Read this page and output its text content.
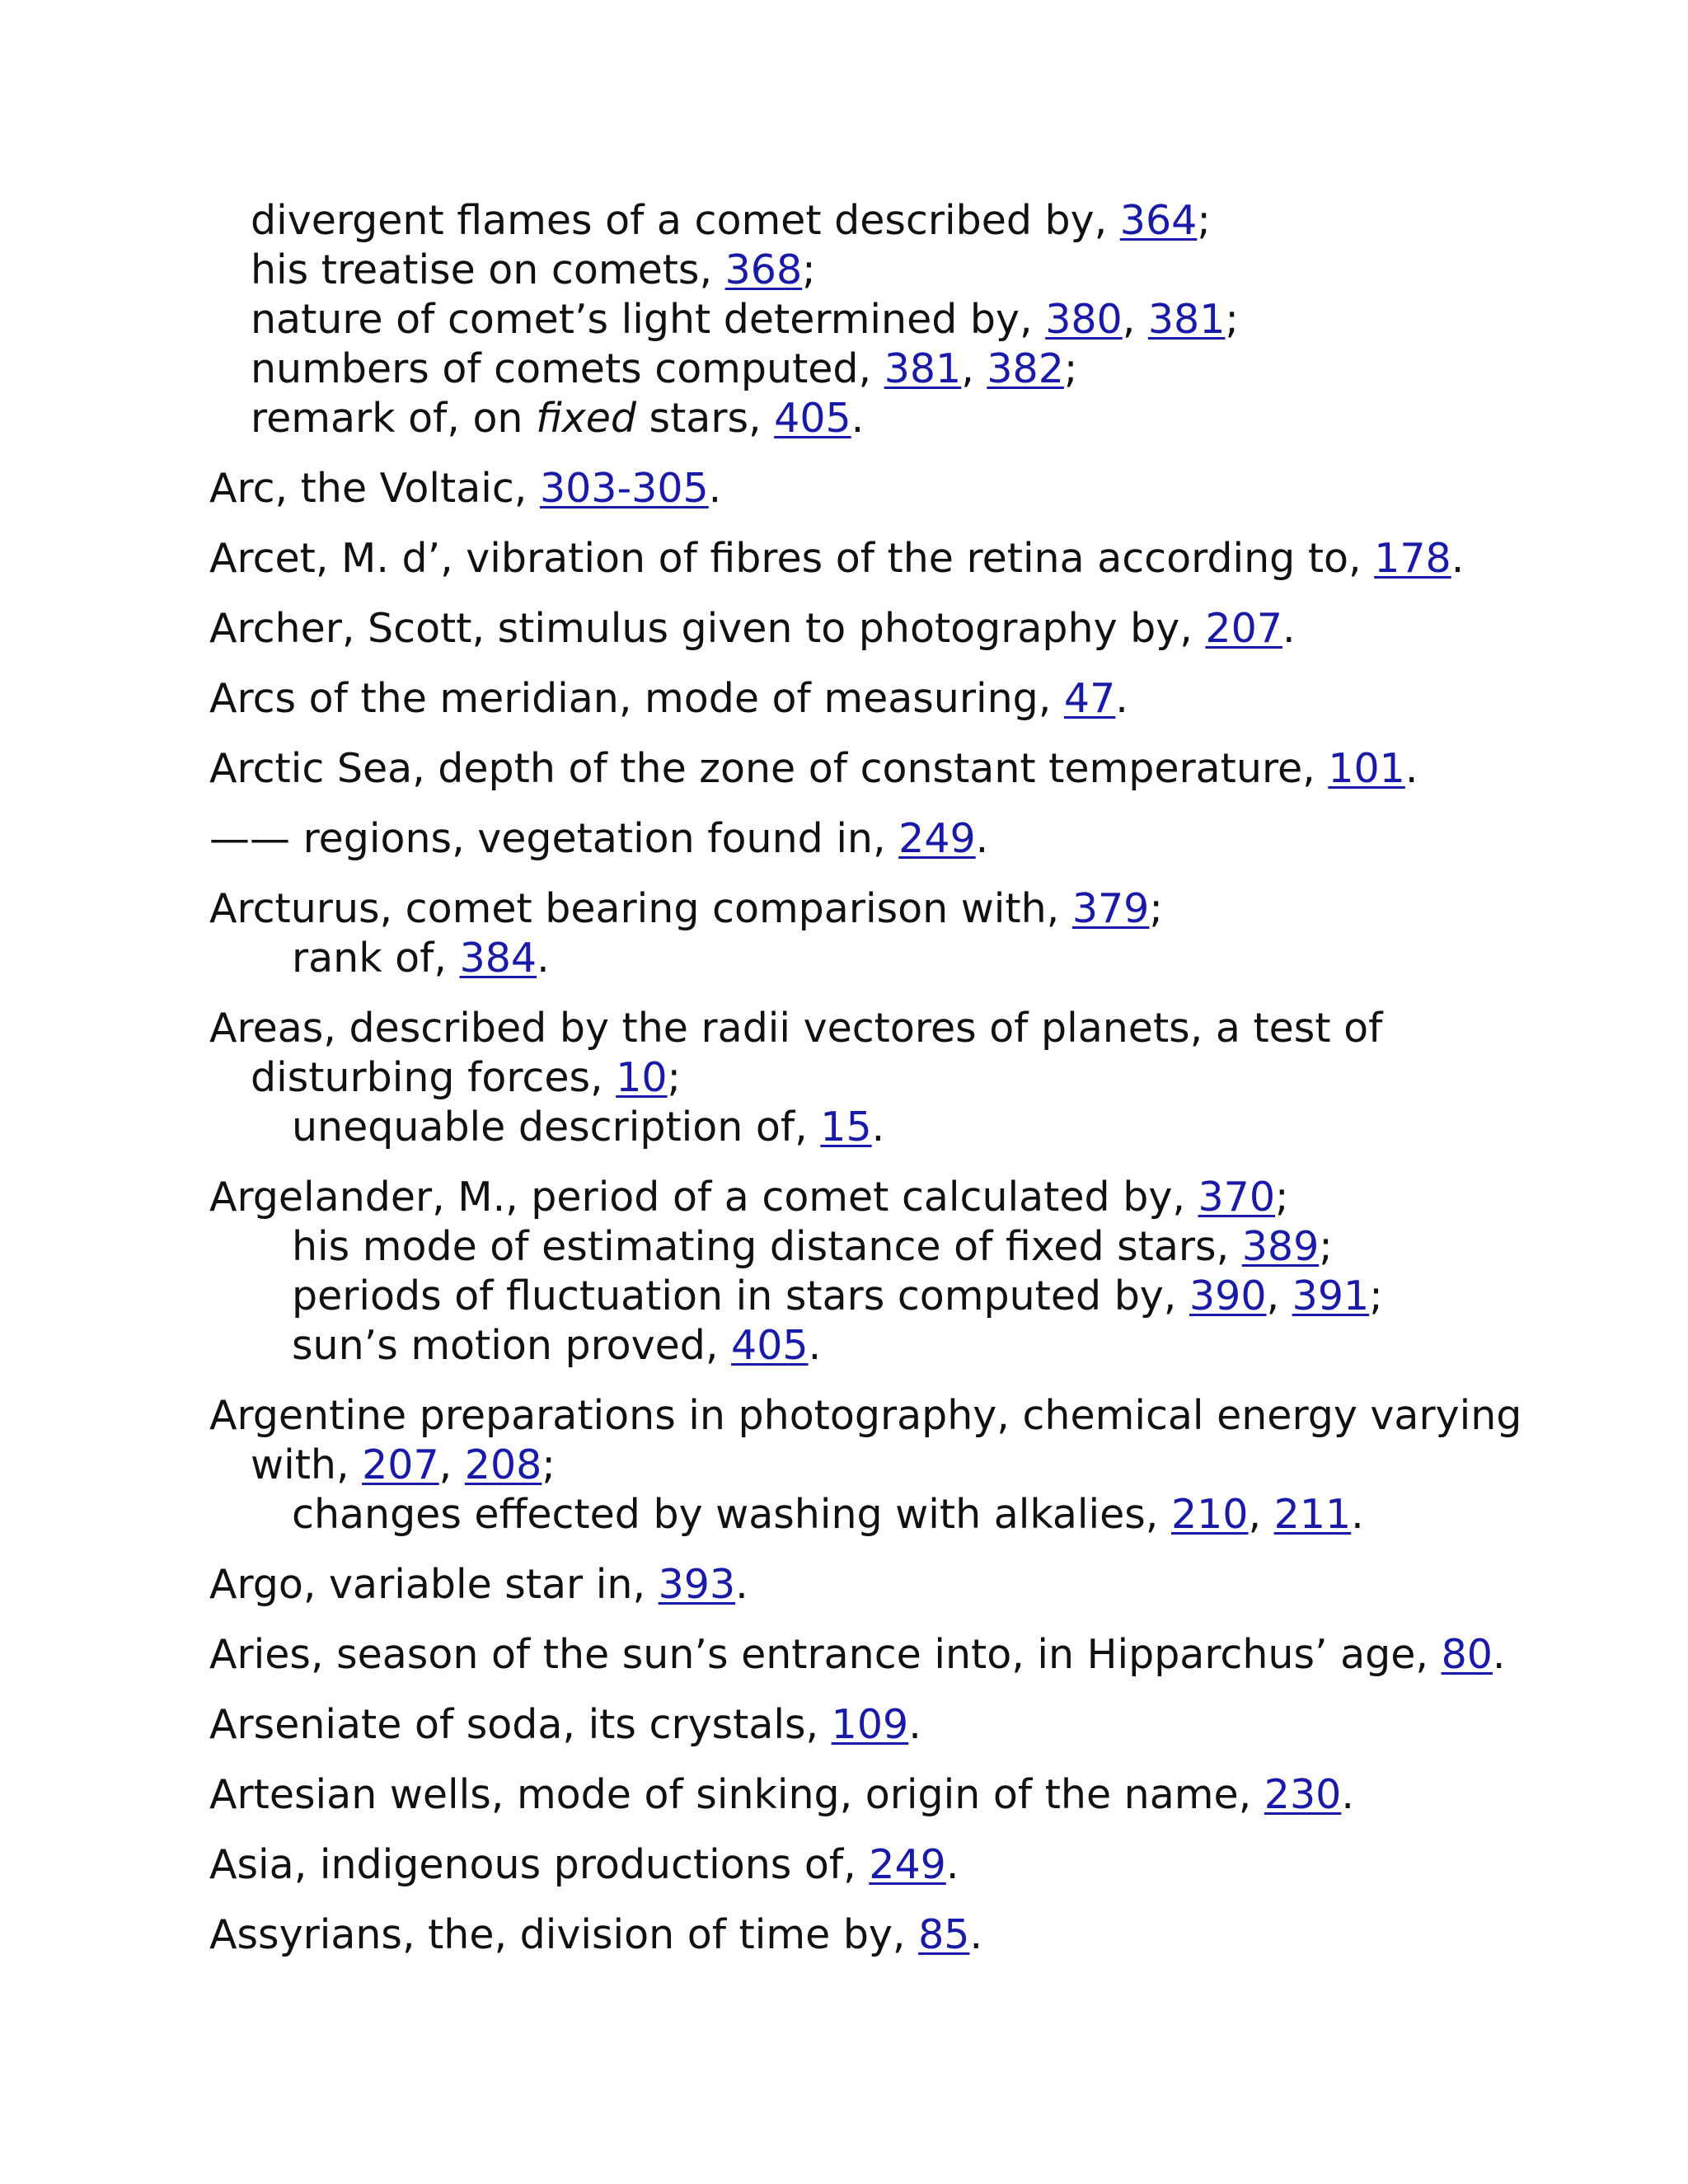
divergent flames of a comet described by, 364;
his treatise on comets, 368;
nature of comet’s light determined by, 380, 381;
numbers of comets computed, 381, 382;
remark of, on fixed stars, 405.

Arc, the Voltaic, 303-305.

Arcet, M. d’, vibration of fibres of the retina according to, 178.

Archer, Scott, stimulus given to photography by, 207.

Arcs of the meridian, mode of measuring, 47.

Arctic Sea, depth of the zone of constant temperature, 101.

—— regions, vegetation found in, 249.

Arcturus, comet bearing comparison with, 379;
rank of, 384.

Areas, described by the radii vectores of planets, a test of disturbing forces, 10;
unequable description of, 15.

Argelander, M., period of a comet calculated by, 370;
his mode of estimating distance of fixed stars, 389;
periods of fluctuation in stars computed by, 390, 391;
sun’s motion proved, 405.

Argentine preparations in photography, chemical energy varying with, 207, 208;
changes effected by washing with alkalies, 210, 211.

Argo, variable star in, 393.

Aries, season of the sun’s entrance into, in Hipparchus’ age, 80.

Arseniate of soda, its crystals, 109.

Artesian wells, mode of sinking, origin of the name, 230.

Asia, indigenous productions of, 249.

Assyrians, the, division of time by, 85.
